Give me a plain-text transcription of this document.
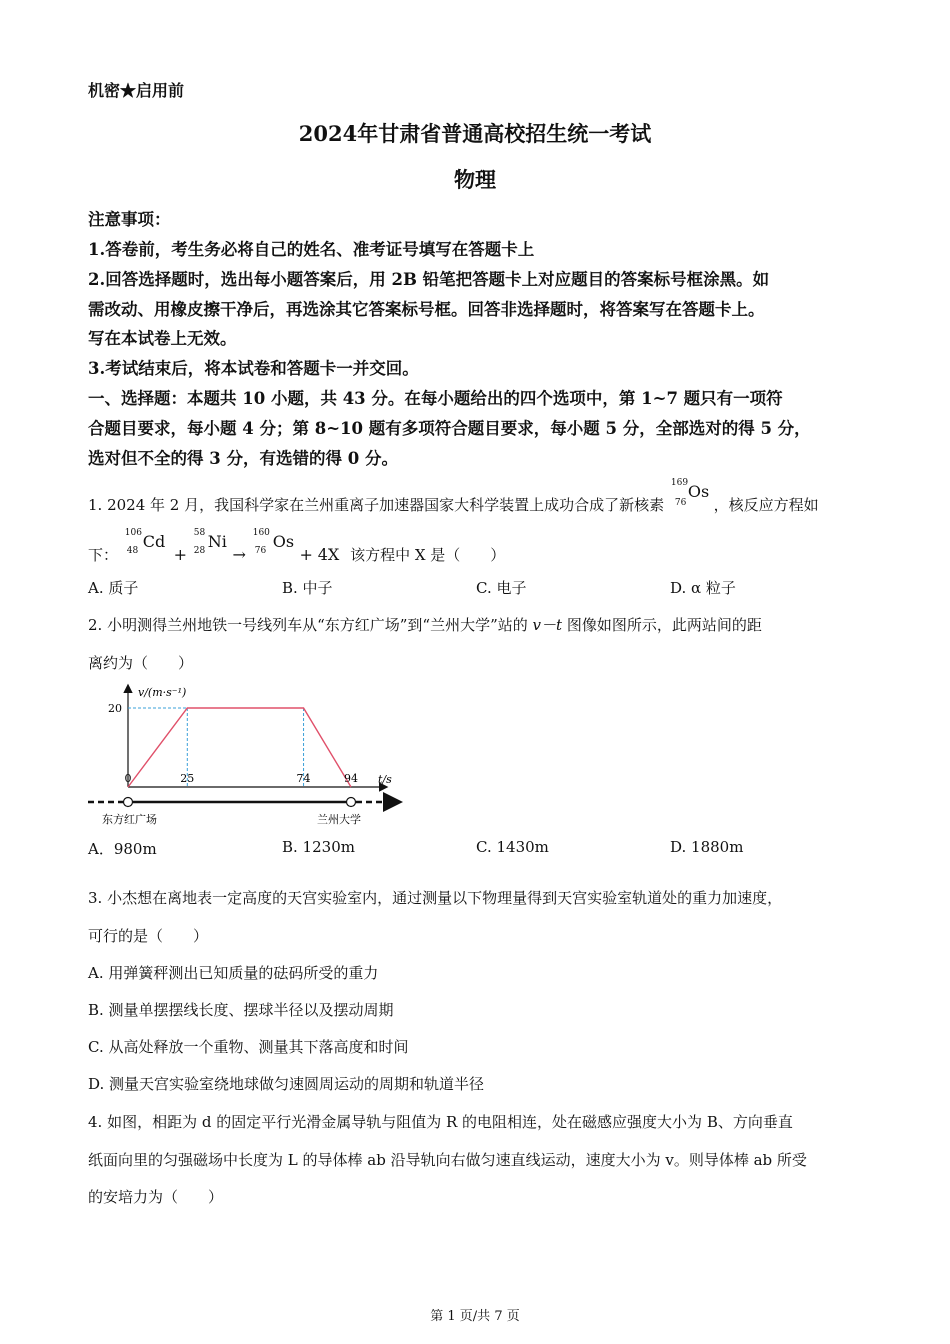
机密★启用前
2024年甘肃省普通高校招生统一考试
物理
注意事项：
1.答卷前，考生务必将自己的姓名、准考证号填写在答题卡上
2.回答选择题时，选出每小题答案后，用 2B 铅笔把答题卡上对应题目的答案标号框涂黑。如
需改动、用橡皮擦干净后，再选涂其它答案标号框。回答非选择题时，将答案写在答题卡上。
写在本试卷上无效。
3.考试结束后，将本试卷和答题卡一并交回。
一、选择题：本题共 10 小题，共 43 分。在每小题给出的四个选项中，第 1~7 题只有一项符
合题目要求，每小题 4 分；第 8~10 题有多项符合题目要求，每小题 5 分，全部选对的得 5 分，
选对但不全的得 3 分，有选错的得 0 分。
1. 2024 年 2 月，我国科学家在兰州重离子加速器国家大科学装置上成功合成了新核素
169
76
Os
，核反应方程如
下：
106
48 Cd
+
58
28 Ni
→
160
76 Os
+ 4X 该方程中 X 是（　　）
A. 质子	B. 中子	C. 电子	D. α 粒子
2. 小明测得兰州地铁一号线列车从“东方红广场”到“兰州大学”站的 v－t 图像如图所示，此两站间的距
离约为（　　）
v/(m·s⁻¹)
t/s
20
0	25	74	94
东方红广场	兰州大学
A．980m	B. 1230m	C. 1430m	D. 1880m
3. 小杰想在离地表一定高度的天宫实验室内，通过测量以下物理量得到天宫实验室轨道处的重力加速度，
可行的是（　　）
A. 用弹簧秤测出已知质量的砝码所受的重力
B. 测量单摆摆线长度、摆球半径以及摆动周期
C. 从高处释放一个重物、测量其下落高度和时间
D. 测量天宫实验室绕地球做匀速圆周运动的周期和轨道半径
4. 如图，相距为 d 的固定平行光滑金属导轨与阻值为 R 的电阻相连，处在磁感应强度大小为 B、方向垂直
纸面向里的匀强磁场中长度为 L 的导体棒 ab 沿导轨向右做匀速直线运动，速度大小为 v。则导体棒 ab 所受
的安培力为（　　）
第 1 页/共 7 页
